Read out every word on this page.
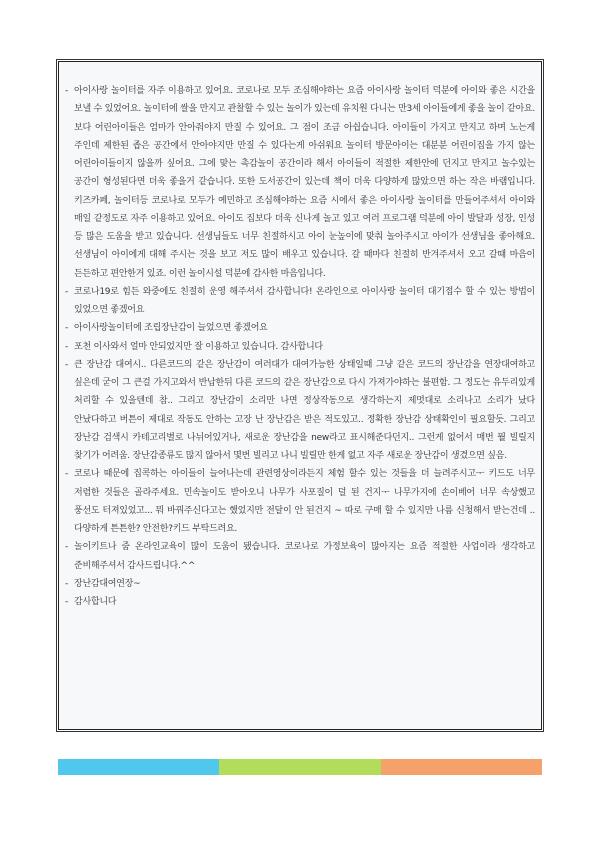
- 아이사랑 놀이터를 자주 이용하고 있어요. 코로나로 모두 조심해야하는 요즘 아이사랑 놀이터 덕분에 아이와 좋은 시간을 보낼 수 있었어요. 놀이터에 쌀을 만지고 관찰할 수 있는 놀이가 있는데 유치원 다니는 만3세 아이들에게 좋을 놀이 같아요. 보다 어린아이들은 엄마가 안아줘야지 만질 수 있어요. 그 점이 조금 아쉽습니다. 아이들이 가지고 만지고 하며 노는게 주인데 제한된 좁은 공간에서 안아야지만 만질 수 있다는게 아쉬워요 놀이터 방문아이는 대분분 어린이집을 가지 않는 어린아이들이지 않을까 싶어요. 그에 맞는 촉감놀이 공간이라 해서 아이들이 적절한 제한안에 던지고 만지고 놀수있는 공간이 형성된다면 더욱 좋을거 같습니다. 또한 도서공간이 있는데 책이 더욱 다양하게 많았으면 하는 작은 바램입니다. 키즈카페, 놀이터등 코로나로 모두가 예민하고 조심해야하는 요즘 시에서 좋은 아이사랑 놀이터를 만들어주셔서 아이와 매일 같정도로 자주 이용하고 있어요. 아이도 집보다 더욱 신나게 놀고 있고 여러 프로그램 덕분에 아이 발달과 성장, 인성 등 많은 도움을 받고 있습니다. 선생님들도 너무 친절하시고 아이 눈높이에 맞춰 놀아주시고 아이가 선생님을 좋아해요. 선생님이 아이에게 대해 주시는 것을 보고 저도 많이 배우고 있습니다. 갈 때마다 친절히 반겨주셔서 오고 갈때 마음이 든든하고 편안한거 있죠. 이런 놀이시설 덕분에 감사한 마음입니다.
- 코로나19로 힘든 와중에도 친절히 운영 해주셔서 감사합니다! 온라인으로 아이사랑 놀이터 대기접수 할 수 있는 방법이 있었으면 좋겠어요
- 아이사랑놀이터에 조립장난감이 늘었으면 좋겠어요
- 포천 이사와서 얼마 안되었지만 잘 이용하고 있습니다. 감사합니다
- 큰 장난감 대여시.. 다른코드의 같은 장난감이 여러대가 대여가능한 상태일때 그냥 같은 코드의 장난감을 연장대여하고 싶은데 굳이 그 큰걸 가지고와서 반납한뒤 다른 코드의 같은 장난감으로 다시 가져가야하는 불편함. 그 정도는 유두리있게 처리할 수 있을텐데 참.. 그리고 장난감이 소리만 나면 정상작동으로 생각하는지 제멋대로 소리나고 소리가 났다 안났다하고 버튼이 제대로 작동도 안하는 고장 난 장난감은 받은 적도있고.. 정확한 장난감 상태확인이 필요할듯. 그리고 장난감 검색시 카테고리별로 나뉘어있거나, 새로운 장난감을 new라고 표시해준다던지.. 그런게 없어서 매번 뭘 빌릴지 찾기가 어려움. 장난감종류도 많지 않아서 몇번 빌리고 나니 빌릴만 한게 없고 자주 새로운 장난감이 생겼으면 싶음.
- 코로나 때문에 집콕하는 아이들이 늘어나는데 관련영상이라든지 체험 할수 있는 것들을 더 늘려주시고ᅮ 키드도 너무 저렴한 것들은 골라주세요. 민속놀이도 받아오니 나무가 사포질이 덜 된 건지ᅮ 나무가지에 손이베어 너무 속상했고 풍선도 터져있었고... 뭐 바꿔주신다고는 했었지만 전달이 안 된건지 ~ 따로 구매 할 수 있지만 나름 신청해서 받는건데 .. 다양하게 튼튼한? 안전한?키드 부탁드려요.
- 놀이키트나 줌 온라인교육이 많이 도움이 됐습니다. 코로나로 가정보육이 많아지는 요즘 적절한 사업이라 생각하고 준비해주셔서 감사드립니다.^^
- 장난감대여연장~
- 감사합니다
